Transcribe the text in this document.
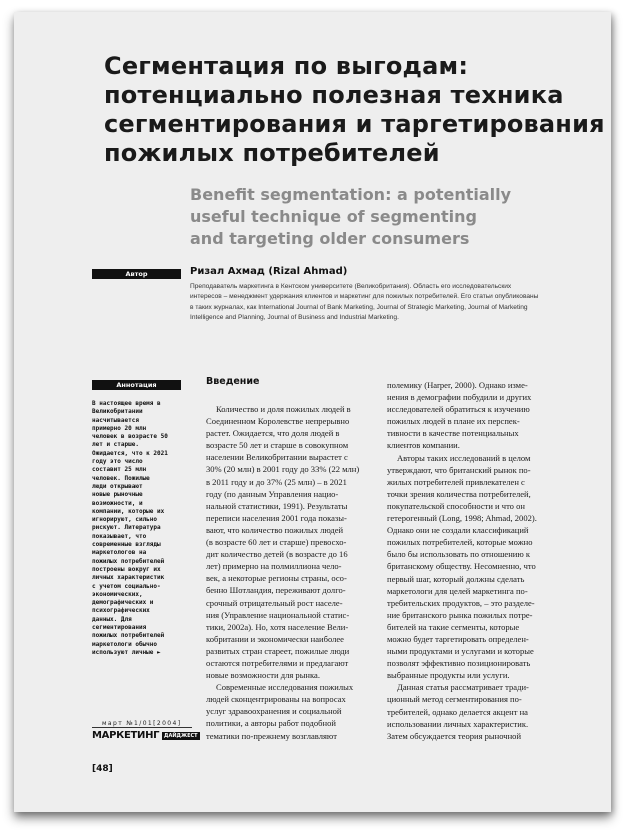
Сегментация по выгодам:
потенциально полезная техника
сегментирования и таргетирования
пожилых потребителей
Benefit segmentation: a potentially
useful technique of segmenting
and targeting older consumers
Автор	Ризал Ахмад (Rizal Ahmad)
Преподаватель маркетинга в Кентском университете (Великобритания). Область его исследовательских интересов – менеджмент удержания клиентов и маркетинг для пожилых потребителей. Его статьи опубликованы в таких журналах, как International Journal of Bank Marketing, Journal of Strategic Marketing, Journal of Marketing Intelligence and Planning, Journal of Business and Industrial Marketing.
Аннотация
В настоящее время в
Великобритании
насчитывается
примерно 20 млн
человек в возрасте 50
лет и старше.
Ожидается, что к 2021
году это число
составит 25 млн
человек. Пожилые
люди открывают
новые рыночные
возможности, и
компании, которые их
игнорируют, сильно
рискуют. Литература
показывает, что
современные взгляды
маркетологов на
пожилых потребителей
построены вокруг их
личных характеристик
с учетом социально-
экономических,
демографических и
психографических
данных. Для
сегментирования
пожилых потребителей
маркетологи обычно
используют личные ►
Введение
Количество и доля пожилых людей в
Соединенном Королевстве непрерывно
растет. Ожидается, что доля людей в
возрасте 50 лет и старше в совокупном
населении Великобритании вырастет с
30% (20 млн) в 2001 году до 33% (22 млн)
в 2011 году и до 37% (25 млн) – в 2021
году (по данным Управления нацио-
нальной статистики, 1991). Результаты
переписи населения 2001 года показы-
вают, что количество пожилых людей
(в возрасте 60 лет и старше) превосхо-
дит количество детей (в возрасте до 16
лет) примерно на полмиллиона чело-
век, а некоторые регионы страны, осо-
бенно Шотландия, переживают долго-
срочный отрицательный рост населе-
ния (Управление национальной статис-
тики, 2002a). Но, хотя население Вели-
кобритании и экономически наиболее
развитых стран стареет, пожилые люди
остаются потребителями и предлагают
новые возможности для рынка.
Современные исследования пожилых
людей сконцентрированы на вопросах
услуг здравоохранения и социальной
политики, а авторы работ подобной
тематики по-прежнему возглавляют
полемику (Harper, 2000). Однако изме-
нения в демографии побудили и других
исследователей обратиться к изучению
пожилых людей в плане их перспек-
тивности в качестве потенциальных
клиентов компании.
Авторы таких исследований в целом
утверждают, что британский рынок по-
жилых потребителей привлекателен с
точки зрения количества потребителей,
покупательской способности и что он
гетерогенный (Long, 1998; Ahmad, 2002).
Однако они не создали классификаций
пожилых потребителей, которые можно
было бы использовать по отношению к
британскому обществу. Несомненно, что
первый шаг, который должны сделать
маркетологи для целей маркетинга по-
требительских продуктов, – это разделе-
ние британского рынка пожилых потре-
бителей на такие сегменты, которые
можно будет таргетировать определен-
ными продуктами и услугами и которые
позволят эффективно позиционировать
выбранные продукты или услуги.
Данная статья рассматривает тради-
ционный метод сегментирования по-
требителей, однако делается акцент на
использовании личных характеристик.
Затем обсуждается теория рыночной
март №1/01[2004]
МАРКЕТИНГ ДАЙДЖЕСТ
[48]
